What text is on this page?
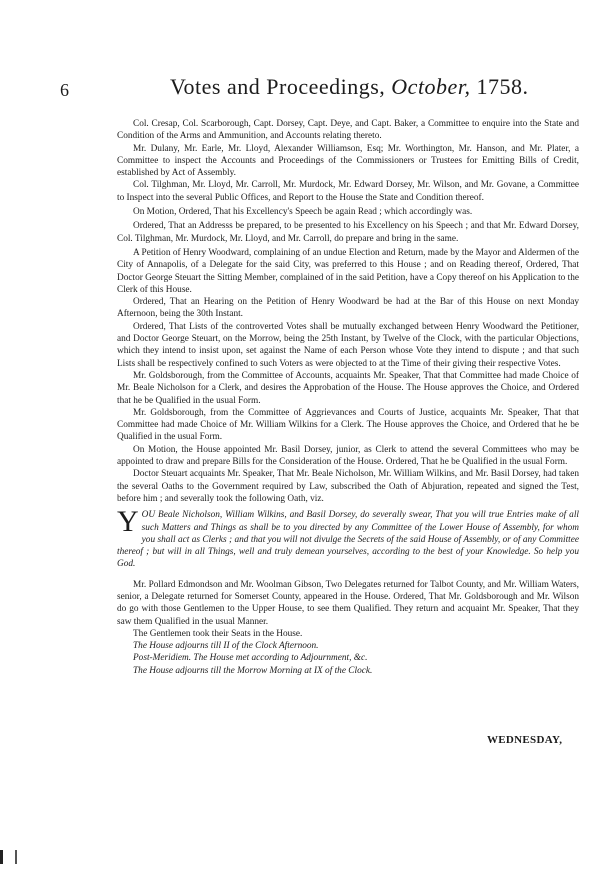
6	Votes and Proceedings, October, 1758.

Col. Cresap, Col. Scarborough, Capt. Dorsey, Capt. Deye, and Capt. Baker, a Committee to enquire into the State and Condition of the Arms and Ammunition, and Accounts relating thereto.

Mr. Dulany, Mr. Earle, Mr. Lloyd, Alexander Williamson, Esq; Mr. Worthington, Mr. Hanson, and Mr. Plater, a Committee to inspect the Accounts and Proceedings of the Commissioners or Trustees for Emitting Bills of Credit, established by Act of Assembly.

Col. Tilghman, Mr. Lloyd, Mr. Carroll, Mr. Murdock, Mr. Edward Dorsey, Mr. Wilson, and Mr. Govane, a Committee to Inspect into the several Public Offices, and Report to the House the State and Condition thereof.

On Motion, Ordered, That his Excellency's Speech be again Read ; which accordingly was.

Ordered, That an Addresss be prepared, to be presented to his Excellency on his Speech ; and that Mr. Edward Dorsey, Col. Tilghman, Mr. Murdock, Mr. Lloyd, and Mr. Carroll, do prepare and bring in the same.

A Petition of Henry Woodward, complaining of an undue Election and Return, made by the Mayor and Aldermen of the City of Annapolis, of a Delegate for the said City, was preferred to this House ; and on Reading thereof, Ordered, That Doctor George Steuart the Sitting Member, complained of in the said Petition, have a Copy thereof on his Application to the Clerk of this House.

Ordered, That an Hearing on the Petition of Henry Woodward be had at the Bar of this House on next Monday Afternoon, being the 30th Instant.

Ordered, That Lists of the controverted Votes shall be mutually exchanged between Henry Woodward the Petitioner, and Doctor George Steuart, on the Morrow, being the 25th Instant, by Twelve of the Clock, with the particular Objections, which they intend to insist upon, set against the Name of each Person whose Vote they intend to dispute ; and that such Lists shall be respectively confined to such Voters as were objected to at the Time of their giving their respective Votes.

Mr. Goldsborough, from the Committee of Accounts, acquaints Mr. Speaker, That that Committee had made Choice of Mr. Beale Nicholson for a Clerk, and desires the Approbation of the House. The House approves the Choice, and Ordered that he be Qualified in the usual Form.

Mr. Goldsborough, from the Committee of Aggrievances and Courts of Justice, acquaints Mr. Speaker, That that Committee had made Choice of Mr. William Wilkins for a Clerk. The House approves the Choice, and Ordered that he be Qualified in the usual Form.

On Motion, the House appointed Mr. Basil Dorsey, junior, as Clerk to attend the several Committees who may be appointed to draw and prepare Bills for the Consideration of the House. Ordered, That he be Qualified in the usual Form.

Doctor Steuart acquaints Mr. Speaker, That Mr. Beale Nicholson, Mr. William Wilkins, and Mr. Basil Dorsey, had taken the several Oaths to the Government required by Law, subscribed the Oath of Abjuration, repeated and signed the Test, before him ; and severally took the following Oath, viz.

Y OU Beale Nicholson, William Wilkins, and Basil Dorsey, do severally swear, That you will true Entries make of all such Matters and Things as shall be to you directed by any Committee of the Lower House of Assembly, for whom you shall act as Clerks ; and that you will not divulge the Secrets of the said House of Assembly, or of any Committee thereof ; but will in all Things, well and truly demean yourselves, according to the best of your Knowledge. So help you God.

Mr. Pollard Edmondson and Mr. Woolman Gibson, Two Delegates returned for Talbot County, and Mr. William Waters, senior, a Delegate returned for Somerset County, appeared in the House. Ordered, That Mr. Goldsborough and Mr. Wilson do go with those Gentlemen to the Upper House, to see them Qualified. They return and acquaint Mr. Speaker, That they saw them Qualified in the usual Manner.

The Gentlemen took their Seats in the House.

The House adjourns till II of the Clock Afternoon.

Post-Meridiem. The House met according to Adjournment, &c.

The House adjourns till the Morrow Morning at IX of the Clock.

WEDNESDAY,
